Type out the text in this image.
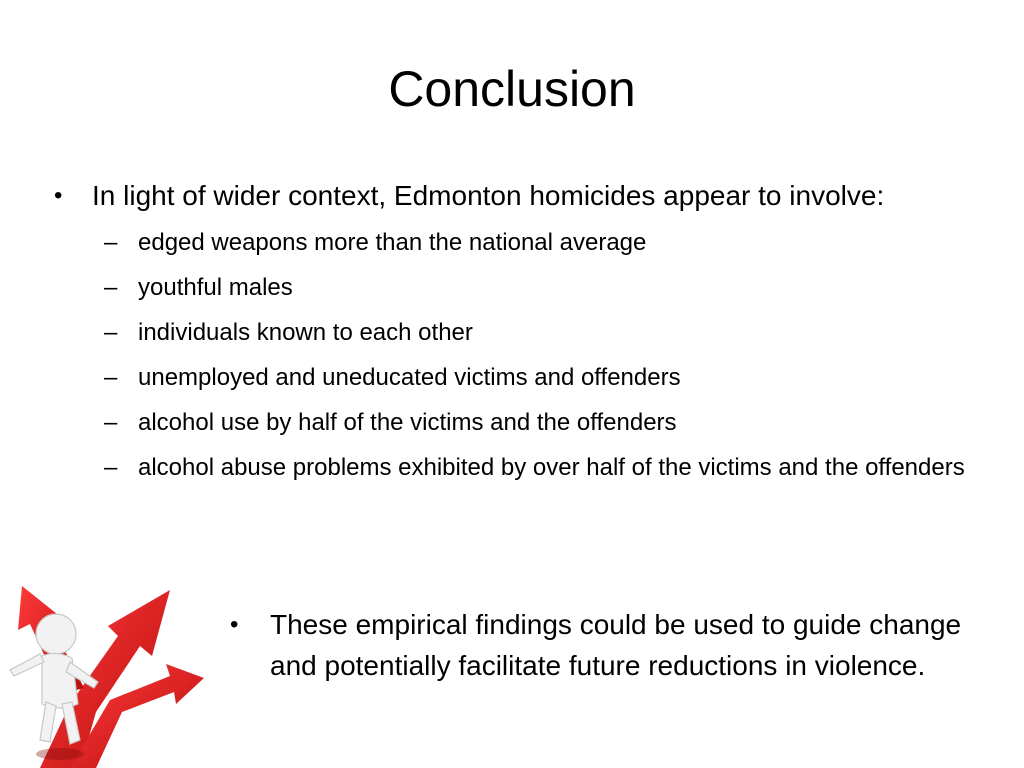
Conclusion
• In light of wider context, Edmonton homicides appear to involve:
– edged weapons more than the national average
– youthful males
– individuals known to each other
– unemployed and uneducated victims and offenders
– alcohol use by half of the victims and the offenders
– alcohol abuse problems exhibited by over half of the victims and the offenders
• These empirical findings could be used to guide change and potentially facilitate future reductions in violence.
